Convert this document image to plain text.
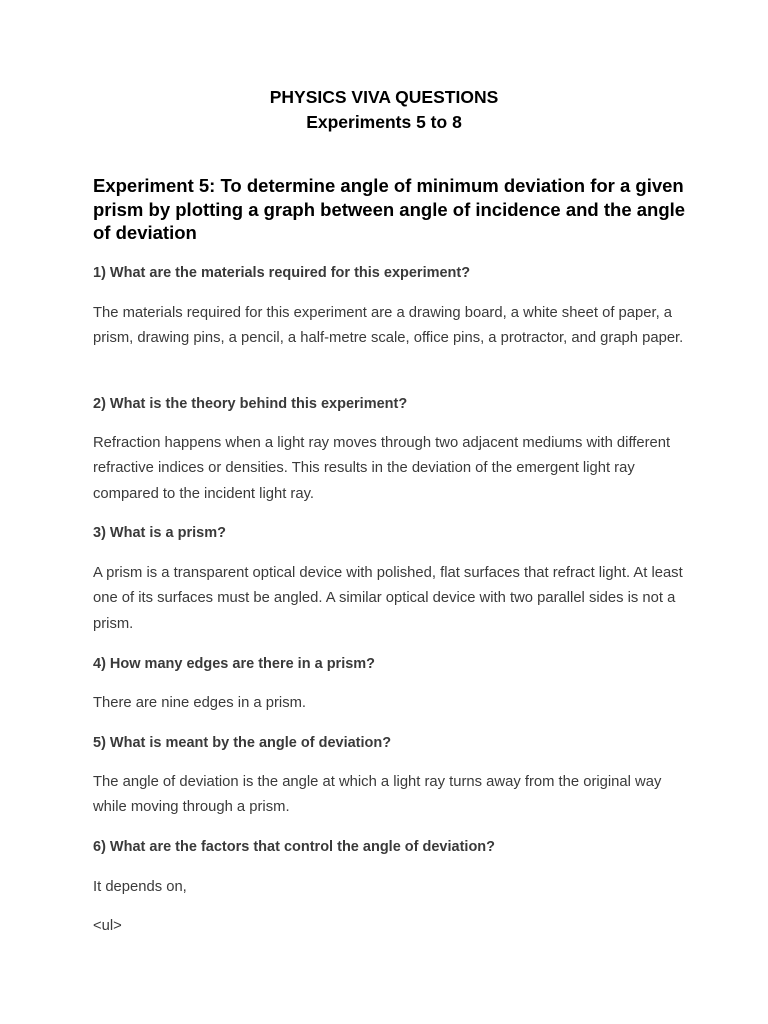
PHYSICS VIVA QUESTIONS
Experiments 5 to 8
Experiment 5: To determine angle of minimum deviation for a given prism by plotting a graph between angle of incidence and the angle of deviation

1) What are the materials required for this experiment?

The materials required for this experiment are a drawing board, a white sheet of paper, a prism, drawing pins, a pencil, a half-metre scale, office pins, a protractor, and graph paper.

2) What is the theory behind this experiment?

Refraction happens when a light ray moves through two adjacent mediums with different refractive indices or densities. This results in the deviation of the emergent light ray compared to the incident light ray.

3) What is a prism?

A prism is a transparent optical device with polished, flat surfaces that refract light. At least one of its surfaces must be angled. A similar optical device with two parallel sides is not a prism.

4) How many edges are there in a prism?

There are nine edges in a prism.

5) What is meant by the angle of deviation?

The angle of deviation is the angle at which a light ray turns away from the original way while moving through a prism.

6) What are the factors that control the angle of deviation?

It depends on,

<ul>
